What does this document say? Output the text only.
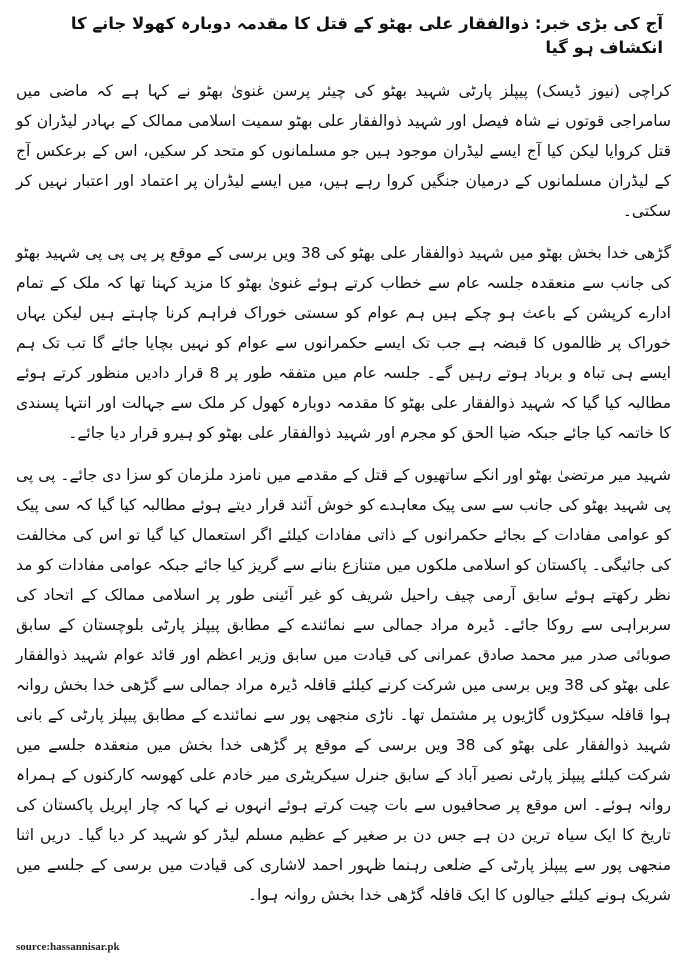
آج کی بڑی خبر: ذوالفقار علی بھٹو کے قتل کا مقدمہ دوبارہ کھولا جانے کا انکشاف ہو گیا

کراچی (نیوز ڈیسک) پیپلز پارٹی شہید بھٹو کی چیئر پرسن غنویٰ بھٹو نے کہا ہے کہ ماضی میں سامراجی قوتوں نے شاہ فیصل اور شہید ذوالفقار علی بھٹو سمیت اسلامی ممالک کے بہادر لیڈران کو قتل کروایا لیکن کیا آج ایسے لیڈران موجود ہیں جو مسلمانوں کو متحد کر سکیں، اس کے برعکس آج کے لیڈران مسلمانوں کے درمیان جنگیں کروا رہے ہیں، میں ایسے لیڈران پر اعتماد اور اعتبار نہیں کر سکتی۔

گڑھی خدا بخش بھٹو میں شہید ذوالفقار علی بھٹو کی 38 ویں برسی کے موقع پر پی پی پی شہید بھٹو کی جانب سے منعقدہ جلسہ عام سے خطاب کرتے ہوئے غنویٰ بھٹو کا مزید کہنا تھا کہ ملک کے تمام ادارے کرپشن کے باعث ہو چکے ہیں ہم عوام کو سستی خوراک فراہم کرنا چاہتے ہیں لیکن یہاں خوراک پر ظالموں کا قبضہ ہے جب تک ایسے حکمرانوں سے عوام کو نہیں بچایا جائے گا تب تک ہم ایسے ہی تباہ و برباد ہوتے رہیں گے۔ جلسہ عام میں متفقہ طور پر 8 قرار دادیں منظور کرتے ہوئے مطالبہ کیا گیا کہ شہید ذوالفقار علی بھٹو کا مقدمہ دوبارہ کھول کر ملک سے جہالت اور انتہا پسندی کا خاتمہ کیا جائے جبکہ ضیا الحق کو مجرم اور شہید ذوالفقار علی بھٹو کو ہیرو قرار دیا جائے۔

شہید میر مرتضیٰ بھٹو اور انکے ساتھیوں کے قتل کے مقدمے میں نامزد ملزمان کو سزا دی جائے۔ پی پی پی شہید بھٹو کی جانب سے سی پیک معاہدے کو خوش آئند قرار دیتے ہوئے مطالبہ کیا گیا کہ سی پیک کو عوامی مفادات کے بجائے حکمرانوں کے ذاتی مفادات کیلئے اگر استعمال کیا گیا تو اس کی مخالفت کی جائیگی۔ پاکستان کو اسلامی ملکوں میں متنازع بنانے سے گریز کیا جائے جبکہ عوامی مفادات کو مد نظر رکھتے ہوئے سابق آرمی چیف راحیل شریف کو غیر آئینی طور پر اسلامی ممالک کے اتحاد کی سربراہی سے روکا جائے۔ ڈیرہ مراد جمالی سے نمائندے کے مطابق پیپلز پارٹی بلوچستان کے سابق صوبائی صدر میر محمد صادق عمرانی کی قیادت میں سابق وزیر اعظم اور قائد عوام شہید ذوالفقار علی بھٹو کی 38 ویں برسی میں شرکت کرنے کیلئے قافلہ ڈیرہ مراد جمالی سے گڑھی خدا بخش روانہ ہوا قافلہ سیکڑوں گاڑیوں پر مشتمل تھا۔ ناڑی منجھی پور سے نمائندے کے مطابق پیپلز پارٹی کے بانی شہید ذوالفقار علی بھٹو کی 38 ویں برسی کے موقع پر گڑھی خدا بخش میں منعقدہ جلسے میں شرکت کیلئے پیپلز پارٹی نصیر آباد کے سابق جنرل سیکریٹری میر خادم علی کھوسہ کارکنوں کے ہمراہ روانہ ہوئے۔ اس موقع پر صحافیوں سے بات چیت کرتے ہوئے انہوں نے کہا کہ چار اپریل پاکستان کی تاریخ کا ایک سیاہ ترین دن ہے جس دن بر صغیر کے عظیم مسلم لیڈر کو شہید کر دیا گیا۔ دریں اثنا منجھی پور سے پیپلز پارٹی کے ضلعی رہنما ظہور احمد لاشاری کی قیادت میں برسی کے جلسے میں شریک ہونے کیلئے جیالوں کا ایک قافلہ گڑھی خدا بخش روانہ ہوا۔

source:hassannisar.pk
